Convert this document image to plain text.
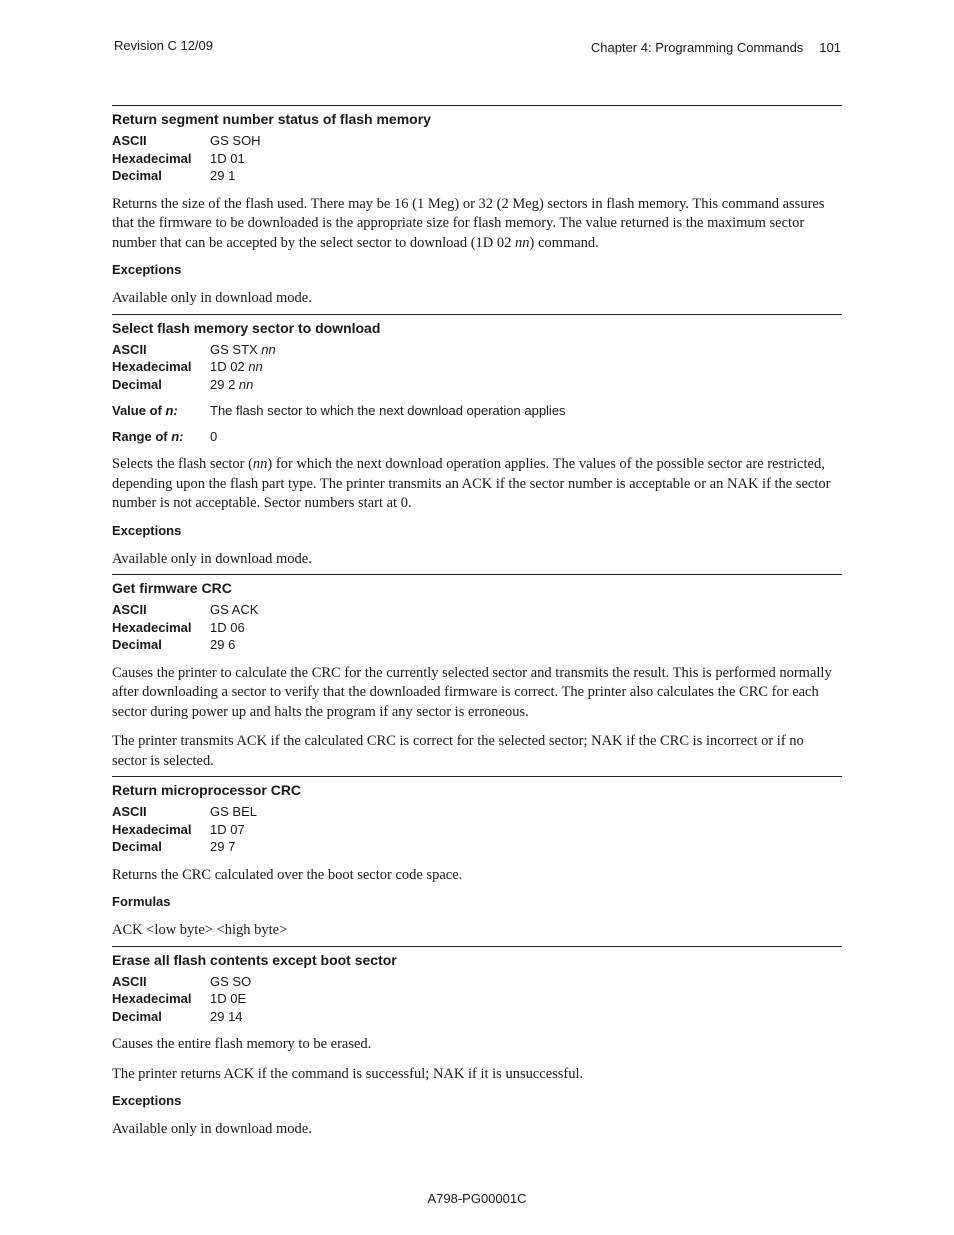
Revision C 12/09	Chapter 4: Programming Commands 101
Return segment number status of flash memory
ASCII	GS SOH
Hexadecimal	1D 01
Decimal	29 1

Returns the size of the flash used. There may be 16 (1 Meg) or 32 (2 Meg) sectors in flash memory. This command assures that the firmware to be downloaded is the appropriate size for flash memory. The value returned is the maximum sector number that can be accepted by the select sector to download (1D 02 nn) command.

Exceptions

Available only in download mode.

Select flash memory sector to download
ASCII	GS STX nn
Hexadecimal	1D 02 nn
Decimal	29 2 nn
Value of n:	The flash sector to which the next download operation applies
Range of n:	0

Selects the flash sector (nn) for which the next download operation applies. The values of the possible sector are restricted, depending upon the flash part type. The printer transmits an ACK if the sector number is acceptable or an NAK if the sector number is not acceptable. Sector numbers start at 0.

Exceptions

Available only in download mode.

Get firmware CRC
ASCII	GS ACK
Hexadecimal	1D 06
Decimal	29 6

Causes the printer to calculate the CRC for the currently selected sector and transmits the result. This is performed normally after downloading a sector to verify that the downloaded firmware is correct. The printer also calculates the CRC for each sector during power up and halts the program if any sector is erroneous.

The printer transmits ACK if the calculated CRC is correct for the selected sector; NAK if the CRC is incorrect or if no sector is selected.

Return microprocessor CRC
ASCII	GS BEL
Hexadecimal	1D 07
Decimal	29 7

Returns the CRC calculated over the boot sector code space.

Formulas

ACK <low byte> <high byte>

Erase all flash contents except boot sector
ASCII	GS SO
Hexadecimal	1D 0E
Decimal	29 14

Causes the entire flash memory to be erased.

The printer returns ACK if the command is successful; NAK if it is unsuccessful.

Exceptions

Available only in download mode.

A798-PG00001C
